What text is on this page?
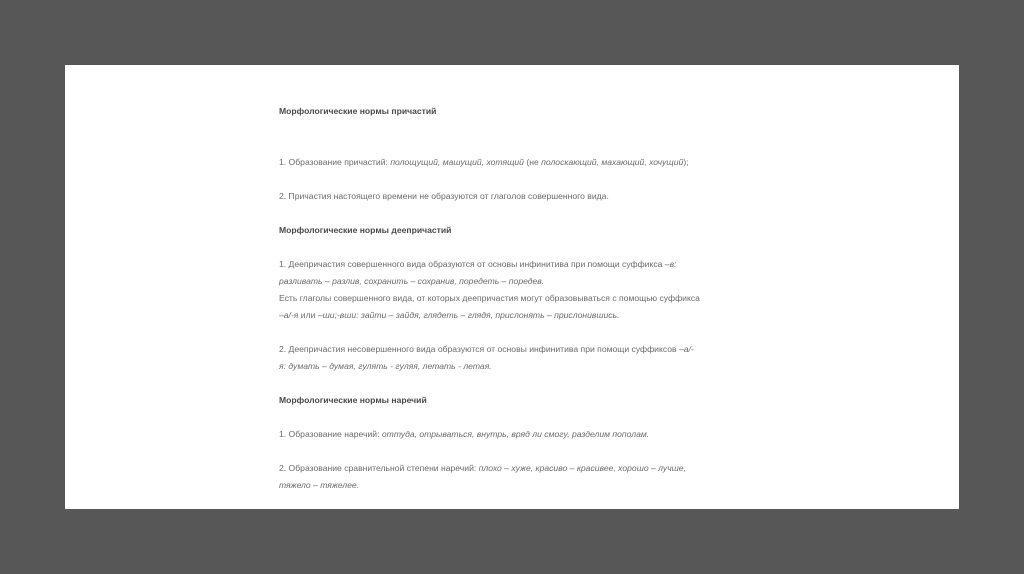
Морфологические нормы причастий

1. Образование причастий: полощущий, машущий, хотящий (не полоскающий, махающий, хочущий);

2. Причастия настоящего времени не образуются от глаголов совершенного вида.

Морфологические нормы деепричастий

1. Деепричастия совершенного вида образуются от основы инфинитива при помощи суффикса –в:
разливать – разлив, сохранить – сохранив, поредеть – поредев.
Есть глаголы совершенного вида, от которых деепричастия могут образовываться с помощью суффикса
–а/-я или –ши;-вши: зайти – зайдя, глядеть – глядя, прислонять – прислонившись.

2. Деепричастия несовершенного вида образуются от основы инфинитива при помощи суффиксов –а/-
я: думать – думая, гулять - гуляя, летать - летая.

Морфологические нормы наречий

1. Образование наречий: оттуда, отрываться, внутрь, вряд ли смогу, разделим пополам.

2. Образование сравнительной степени наречий: плохо – хуже, красиво – красивее, хорошо – лучше,
тяжело – тяжелее.
